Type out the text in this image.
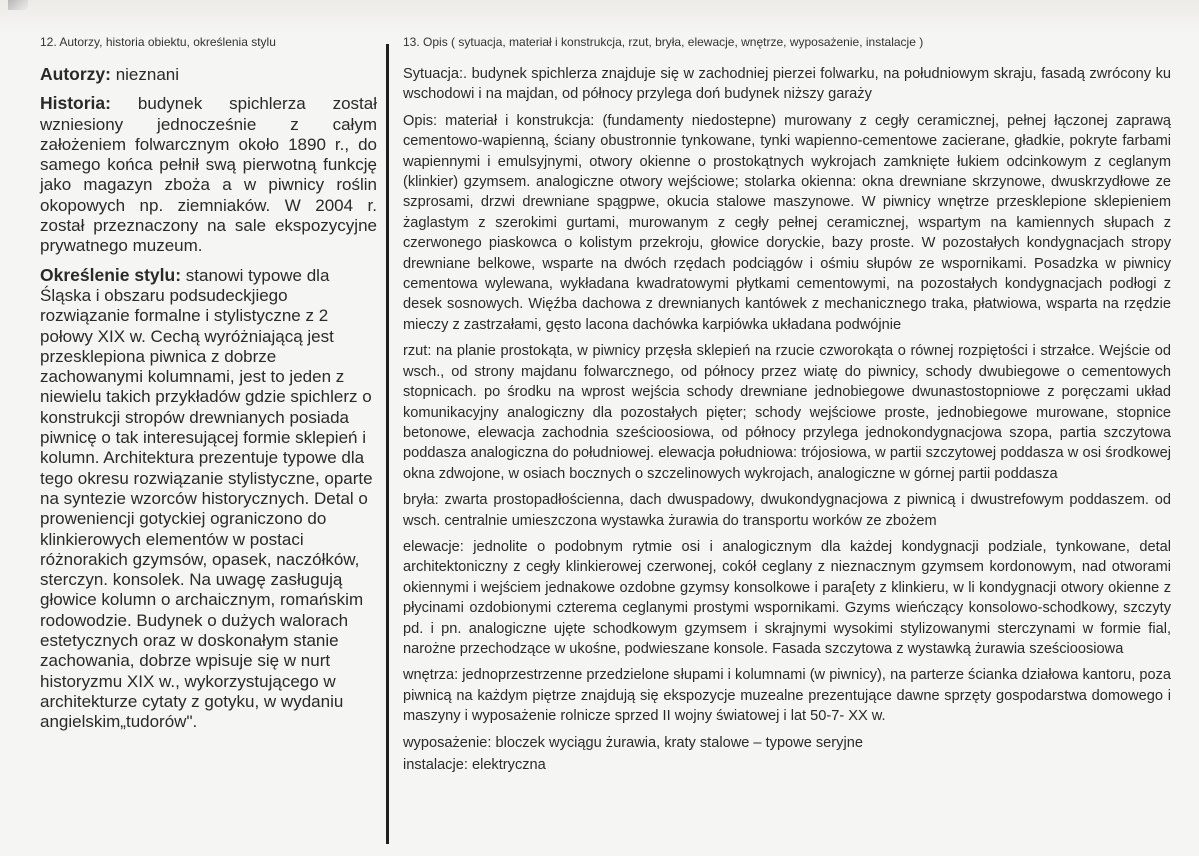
12. Autorzy, historia obiektu, określenia stylu

Autorzy: nieznani

Historia: budynek spichlerza został wzniesiony jednocześnie z całym założeniem folwarcznym około 1890 r., do samego końca pełnił swą pierwotną funkcję jako magazyn zboża a w piwnicy roślin okopowych np. ziemniaków. W 2004 r. został przeznaczony na sale ekspozycyjne prywatnego muzeum.

Określenie stylu: stanowi typowe dla Śląska i obszaru podsudeckjiego rozwiązanie formalne i stylistyczne z 2 połowy XIX w. Cechą wyróżniającą jest przesklepiona piwnica z dobrze zachowanymi kolumnami, jest to jeden z niewielu takich przykładów gdzie spichlerz o konstrukcji stropów drewnianych posiada piwnicę o tak interesującej formie sklepień i kolumn. Architektura prezentuje typowe dla tego okresu rozwiązanie stylistyczne, oparte na syntezie wzorców historycznych. Detal o proweniencji gotyckiej ograniczono do klinkierowych elementów w postaci różnorakich gzymsów, opasek, naczółków, sterczyn. konsolek. Na uwagę zasługują głowice kolumn o archaicznym, romańskim rodowodzie. Budynek o dużych walorach estetycznych oraz w doskonałym stanie zachowania, dobrze wpisuje się w nurt historyzmu XIX w., wykorzystującego w architekturze cytaty z gotyku, w wydaniu angielskim„tudorów".

13. Opis ( sytuacja, materiał i konstrukcja, rzut, bryła, elewacje, wnętrze, wyposażenie, instalacje )

Sytuacja:. budynek spichlerza znajduje się w zachodniej pierzei folwarku, na południowym skraju, fasadą zwrócony ku wschodowi i na majdan, od północy przylega doń budynek niższy garaży

Opis: materiał i konstrukcja: (fundamenty niedostepne) murowany z cegły ceramicznej, pełnej łączonej zaprawą cementowo-wapienną, ściany obustronnie tynkowane, tynki wapienno-cementowe zacierane, gładkie, pokryte farbami wapiennymi i emulsyjnymi, otwory okienne o prostokątnych wykrojach zamknięte łukiem odcinkowym z ceglanym (klinkier) gzymsem. analogiczne otwory wejściowe; stolarka okienna: okna drewniane skrzynowe, dwuskrzydłowe ze szprosami, drzwi drewniane spągpwe, okucia stalowe maszynowe. W piwnicy wnętrze przesklepione sklepieniem żaglastym z szerokimi gurtami, murowanym z cegły pełnej ceramicznej, wspartym na kamiennych słupach z czerwonego piaskowca o kolistym przekroju, głowice doryckie, bazy proste. W pozostałych kondygnacjach stropy drewniane belkowe, wsparte na dwóch rzędach podciągów i ośmiu słupów ze wspornikami. Posadzka w piwnicy cementowa wylewana, wykładana kwadratowymi płytkami cementowymi, na pozostałych kondygnacjach podłogi z desek sosnowych. Więźba dachowa z drewnianych kantówek z mechanicznego traka, płatwiowa, wsparta na rzędzie mieczy z zastrzałami, gęsto lacona dachówka karpiówka układana podwójnie

rzut: na planie prostokąta, w piwnicy przęsła sklepień na rzucie czworokąta o równej rozpiętości i strzałce. Wejście od wsch., od strony majdanu folwarcznego, od północy przez wiatę do piwnicy, schody dwubiegowe o cementowych stopnicach. po środku na wprost wejścia schody drewniane jednobiegowe dwunastostopniowe z poręczami układ komunikacyjny analogiczny dla pozostałych pięter; schody wejściowe proste, jednobiegowe murowane, stopnice betonowe, elewacja zachodnia sześcioosiowa, od północy przylega jednokondygnacjowa szopa, partia szczytowa poddasza analogiczna do południowej. elewacja południowa: trójosiowa, w partii szczytowej poddasza w osi środkowej okna zdwojone, w osiach bocznych o szczelinowych wykrojach, analogiczne w górnej partii poddasza

bryła: zwarta prostopadłościenna, dach dwuspadowy, dwukondygnacjowa z piwnicą i dwustrefowym poddaszem. od wsch. centralnie umieszczona wystawka żurawia do transportu worków ze zbożem

elewacje: jednolite o podobnym rytmie osi i analogicznym dla każdej kondygnacji podziale, tynkowane, detal architektoniczny z cegły klinkierowej czerwonej, cokół ceglany z nieznacznym gzymsem kordonowym, nad otworami okiennymi i wejściem jednakowe ozdobne gzymsy konsolkowe i para[ety z klinkieru, w li kondygnacji otwory okienne z płycinami ozdobionymi czterema ceglanymi prostymi wspornikami. Gzyms wieńczący konsolowo-schodkowy, szczyty pd. i pn. analogiczne ujęte schodkowym gzymsem i skrajnymi wysokimi stylizowanymi sterczynami w formie fial, narożne przechodzące w ukośne, podwieszane konsole. Fasada szczytowa z wystawką żurawia sześcioosiowa

wnętrza: jednoprzestrzenne przedzielone słupami i kolumnami (w piwnicy), na parterze ścianka działowa kantoru, poza piwnicą na każdym piętrze znajdują się ekspozycje muzealne prezentujące dawne sprzęty gospodarstwa domowego i maszyny i wyposażenie rolnicze sprzed II wojny światowej i lat 50-7- XX w.

wyposażenie: bloczek wyciągu żurawia, kraty stalowe – typowe seryjne

instalacje: elektryczna
